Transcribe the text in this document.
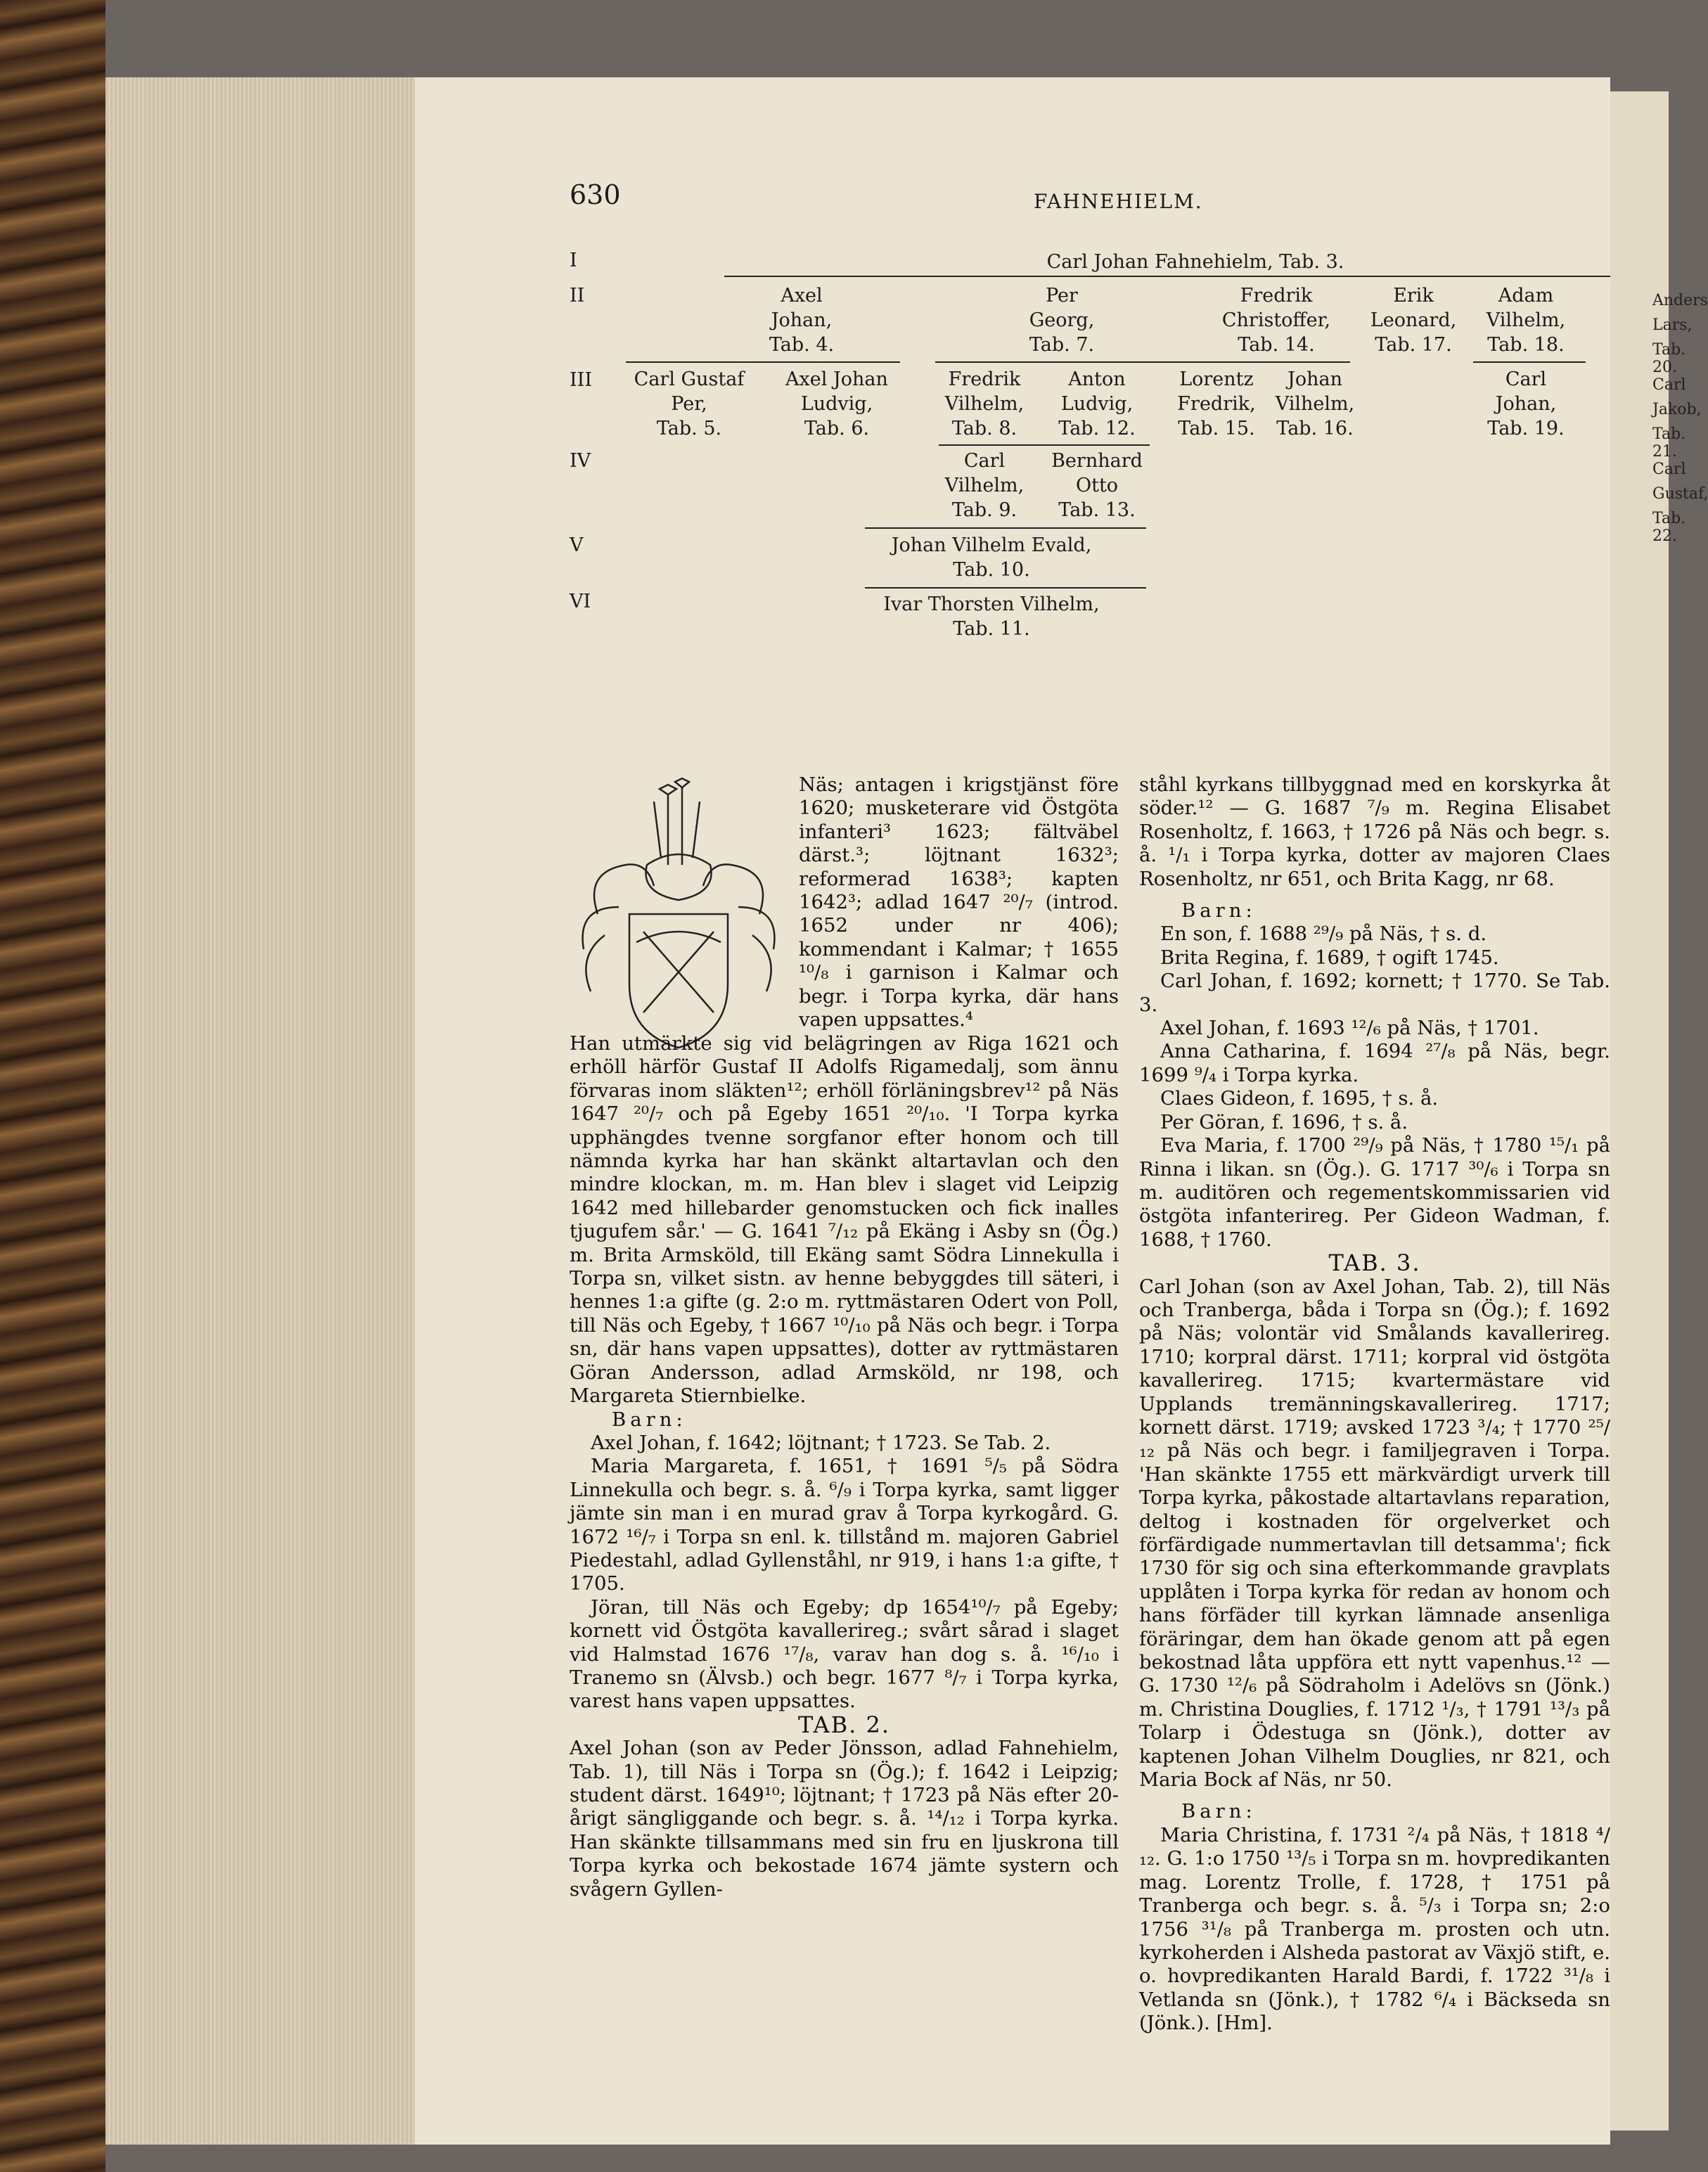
630	FAHNEHIELM.
I
II
III
IV
V
VI
Carl Johan Fahnehielm, Tab. 3.
Axel
Johan,
Tab. 4.
Per
Georg,
Tab. 7.
Fredrik
Christoffer,
Tab. 14.
Erik
Leonard,
Tab. 17.
Adam
Vilhelm,
Tab. 18.
Carl Gustaf
Per,
Tab. 5.
Axel Johan
Ludvig,
Tab. 6.
Fredrik
Vilhelm,
Tab. 8.
Anton
Ludvig,
Tab. 12.
Lorentz
Fredrik,
Tab. 15.
Johan
Vilhelm,
Tab. 16.
Carl
Johan,
Tab. 19.
Carl
Vilhelm,
Tab. 9.
Bernhard
Otto
Tab. 13.
Johan Vilhelm Evald,
Tab. 10.
Ivar Thorsten Vilhelm,
Tab. 11.

Näs; antagen i krigstjänst före 1620; musketerare vid Östgöta infanteri³ 1623; fältväbel därst.³; löjtnant 1632³; reformerad 1638³; kapten 1642³; adlad 1647 ²⁰/₇ (introd. 1652 under nr 406); kommendant i Kalmar; † 1655 ¹⁰/₈ i garnison i Kalmar och begr. i Torpa kyrka, där hans vapen uppsattes.⁴

Han utmärkte sig vid belägringen av Riga 1621 och erhöll härför Gustaf II Adolfs Rigamedalj, som ännu förvaras inom släkten¹²; erhöll förläningsbrev¹² på Näs 1647 ²⁰/₇ och på Egeby 1651 ²⁰/₁₀. 'I Torpa kyrka upphängdes tvenne sorgfanor efter honom och till nämnda kyrka har han skänkt altartavlan och den mindre klockan, m. m. Han blev i slaget vid Leipzig 1642 med hillebarder genomstucken och fick inalles tjugufem sår.' — G. 1641 ⁷/₁₂ på Ekäng i Asby sn (Ög.) m. Brita Armsköld, till Ekäng samt Södra Linnekulla i Torpa sn, vilket sistn. av henne bebyggdes till säteri, i hennes 1:a gifte (g. 2:o m. ryttmästaren Odert von Poll, till Näs och Egeby, † 1667 ¹⁰/₁₀ på Näs och begr. i Torpa sn, där hans vapen uppsattes), dotter av ryttmästaren Göran Andersson, adlad Armsköld, nr 198, och Margareta Stiernbielke.

Barn:

Axel Johan, f. 1642; löjtnant; † 1723. Se Tab. 2.

Maria Margareta, f. 1651, † 1691 ⁵/₅ på Södra Linnekulla och begr. s. å. ⁶/₉ i Torpa kyrka, samt ligger jämte sin man i en murad grav å Torpa kyrkogård. G. 1672 ¹⁶/₇ i Torpa sn enl. k. tillstånd m. majoren Gabriel Piedestahl, adlad Gyllenståhl, nr 919, i hans 1:a gifte, † 1705.

Jöran, till Näs och Egeby; dp 1654¹⁰/₇ på Egeby; kornett vid Östgöta kavallerireg.; svårt sårad i slaget vid Halmstad 1676 ¹⁷/₈, varav han dog s. å. ¹⁶/₁₀ i Tranemo sn (Älvsb.) och begr. 1677 ⁸/₇ i Torpa kyrka, varest hans vapen uppsattes.

TAB. 2.

Axel Johan (son av Peder Jönsson, adlad Fahnehielm, Tab. 1), till Näs i Torpa sn (Ög.); f. 1642 i Leipzig; student därst. 1649¹⁰; löjtnant; † 1723 på Näs efter 20-årigt sängliggande och begr. s. å. ¹⁴/₁₂ i Torpa kyrka. Han skänkte tillsammans med sin fru en ljuskrona till Torpa kyrka och bekostade 1674 jämte systern och svågern Gyllen-

ståhl kyrkans tillbyggnad med en korskyrka åt söder.¹² — G. 1687 ⁷/₉ m. Regina Elisabet Rosenholtz, f. 1663, † 1726 på Näs och begr. s. å. ¹/₁ i Torpa kyrka, dotter av majoren Claes Rosenholtz, nr 651, och Brita Kagg, nr 68.

Barn:

En son, f. 1688 ²⁹/₉ på Näs, † s. d.

Brita Regina, f. 1689, † ogift 1745.

Carl Johan, f. 1692; kornett; † 1770. Se Tab. 3.

Axel Johan, f. 1693 ¹²/₆ på Näs, † 1701.

Anna Catharina, f. 1694 ²⁷/₈ på Näs, begr. 1699 ⁹/₄ i Torpa kyrka.

Claes Gideon, f. 1695, † s. å.

Per Göran, f. 1696, † s. å.

Eva Maria, f. 1700 ²⁹/₉ på Näs, † 1780 ¹⁵/₁ på Rinna i likan. sn (Ög.). G. 1717 ³⁰/₆ i Torpa sn m. auditören och regementskommissarien vid östgöta infanterireg. Per Gideon Wadman, f. 1688, † 1760.

TAB. 3.

Carl Johan (son av Axel Johan, Tab. 2), till Näs och Tranberga, båda i Torpa sn (Ög.); f. 1692 på Näs; volontär vid Smålands kavallerireg. 1710; korpral därst. 1711; korpral vid östgöta kavallerireg. 1715; kvartermästare vid Upplands tremänningskavallerireg. 1717; kornett därst. 1719; avsked 1723 ³/₄; † 1770 ²⁵/₁₂ på Näs och begr. i familjegraven i Torpa. 'Han skänkte 1755 ett märkvärdigt urverk till Torpa kyrka, påkostade altartavlans reparation, deltog i kostnaden för orgelverket och förfärdigade nummertavlan till detsamma'; fick 1730 för sig och sina efterkommande gravplats upplåten i Torpa kyrka för redan av honom och hans förfäder till kyrkan lämnade ansenliga föräringar, dem han ökade genom att på egen bekostnad låta uppföra ett nytt vapenhus.¹² — G. 1730 ¹²/₆ på Södraholm i Adelövs sn (Jönk.) m. Christina Douglies, f. 1712 ¹/₃, † 1791 ¹³/₃ på Tolarp i Ödestuga sn (Jönk.), dotter av kaptenen Johan Vilhelm Douglies, nr 821, och Maria Bock af Näs, nr 50.

Barn:

Maria Christina, f. 1731 ²/₄ på Näs, † 1818 ⁴/₁₂. G. 1:o 1750 ¹³/₅ i Torpa sn m. hovpredikanten mag. Lorentz Trolle, f. 1728, † 1751 på Tranberga och begr. s. å. ⁵/₃ i Torpa sn; 2:o 1756 ³¹/₈ på Tranberga m. prosten och utn. kyrkoherden i Alsheda pastorat av Växjö stift, e. o. hovpredikanten Harald Bardi, f. 1722 ³¹/₈ i Vetlanda sn (Jönk.), † 1782 ⁶/₄ i Bäckseda sn (Jönk.). [Hm].

Anders
Lars,
Tab. 20.
Carl
Jakob,
Tab. 21.
Carl
Gustaf,
Tab. 22.
